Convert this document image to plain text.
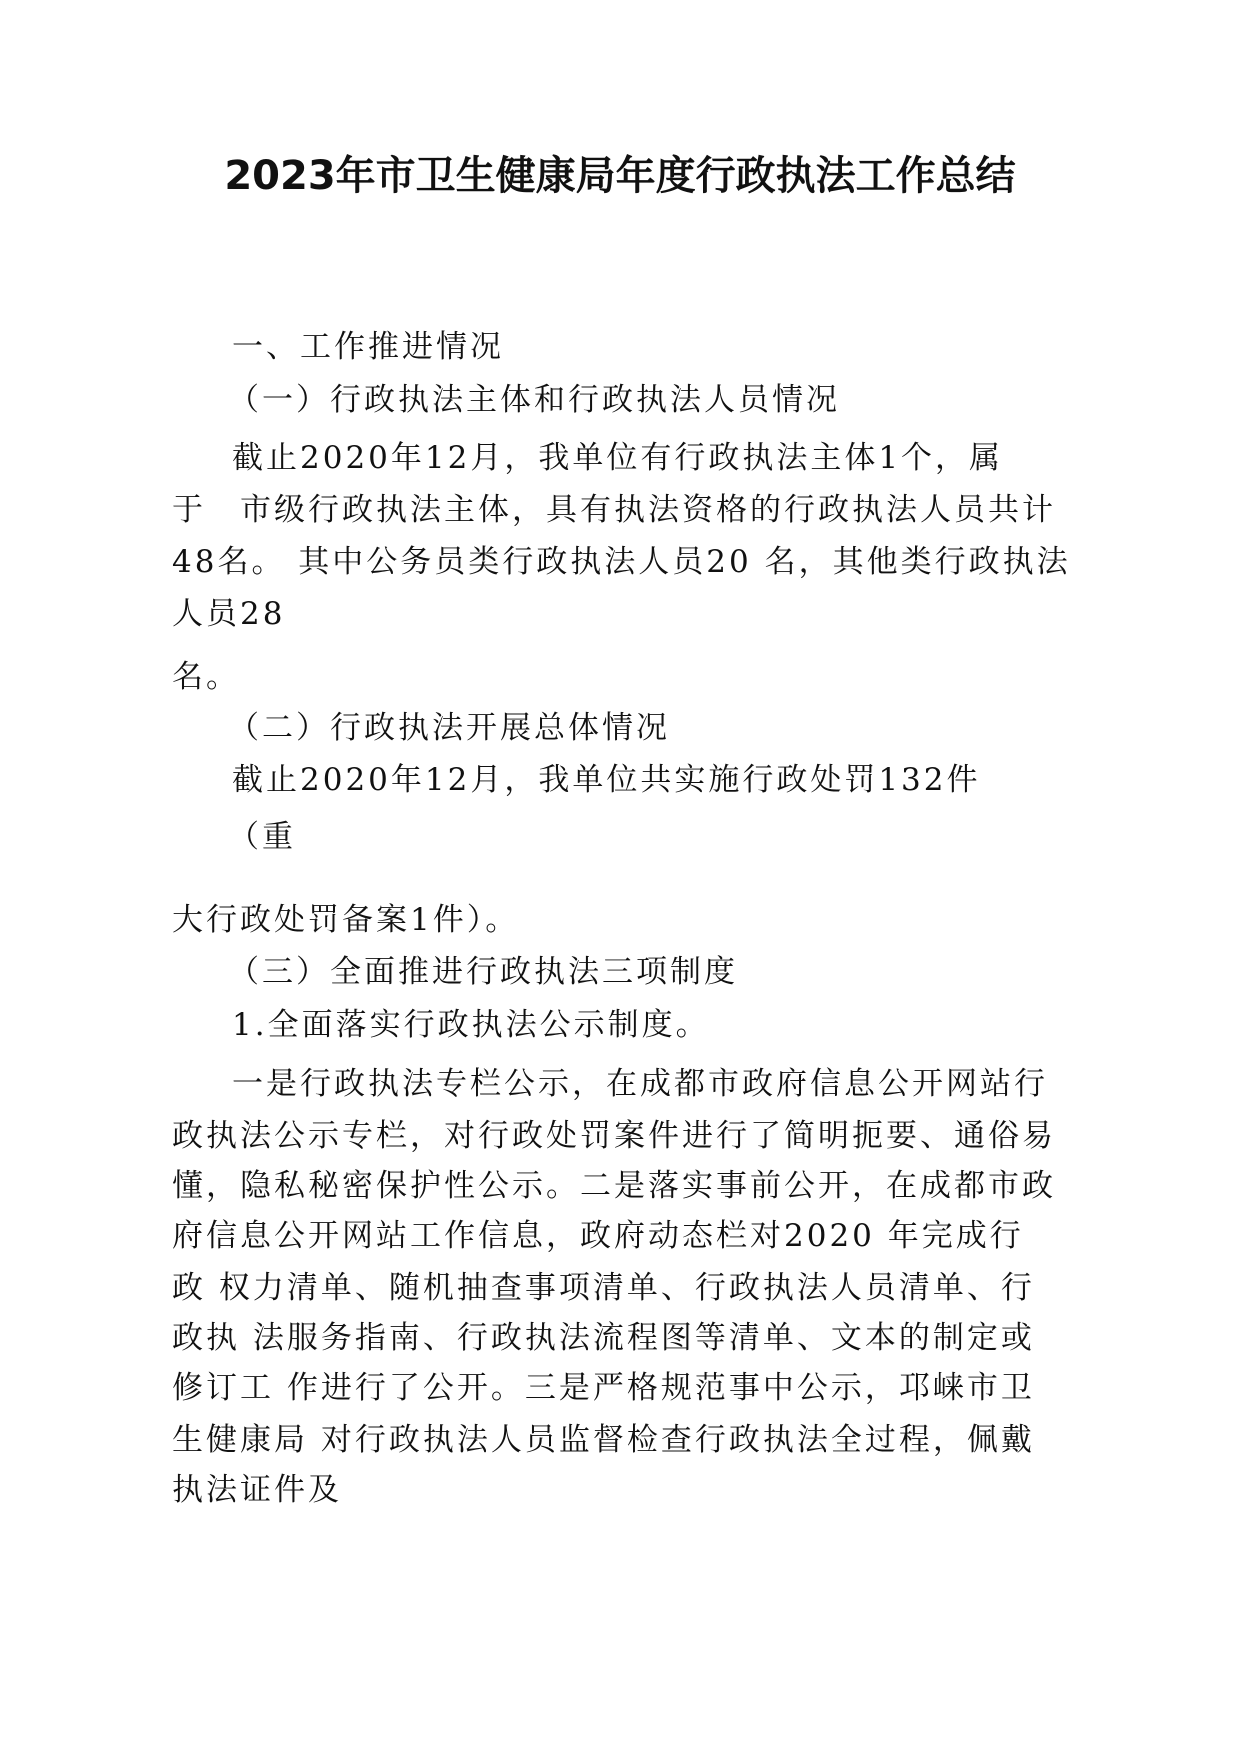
2023年市卫生健康局年度行政执法工作总结
一、工作推进情况
（一）行政执法主体和行政执法人员情况
截止2020年12月，我单位有行政执法主体1个，属
于　市级行政执法主体，具有执法资格的行政执法人员共计
48名。 其中公务员类行政执法人员20 名，其他类行政执法
人员28
名。
（二）行政执法开展总体情况
截止2020年12月，我单位共实施行政处罚132件
（重
大行政处罚备案1件）。
（三）全面推进行政执法三项制度
1.全面落实行政执法公示制度。
一是行政执法专栏公示，在成都市政府信息公开网站行
政执法公示专栏，对行政处罚案件进行了简明扼要、通俗易
懂，隐私秘密保护性公示。二是落实事前公开，在成都市政
府信息公开网站工作信息，政府动态栏对2020 年完成行
政 权力清单、随机抽查事项清单、行政执法人员清单、行
政执 法服务指南、行政执法流程图等清单、文本的制定或
修订工 作进行了公开。三是严格规范事中公示，邛崃市卫
生健康局 对行政执法人员监督检查行政执法全过程，佩戴
执法证件及
